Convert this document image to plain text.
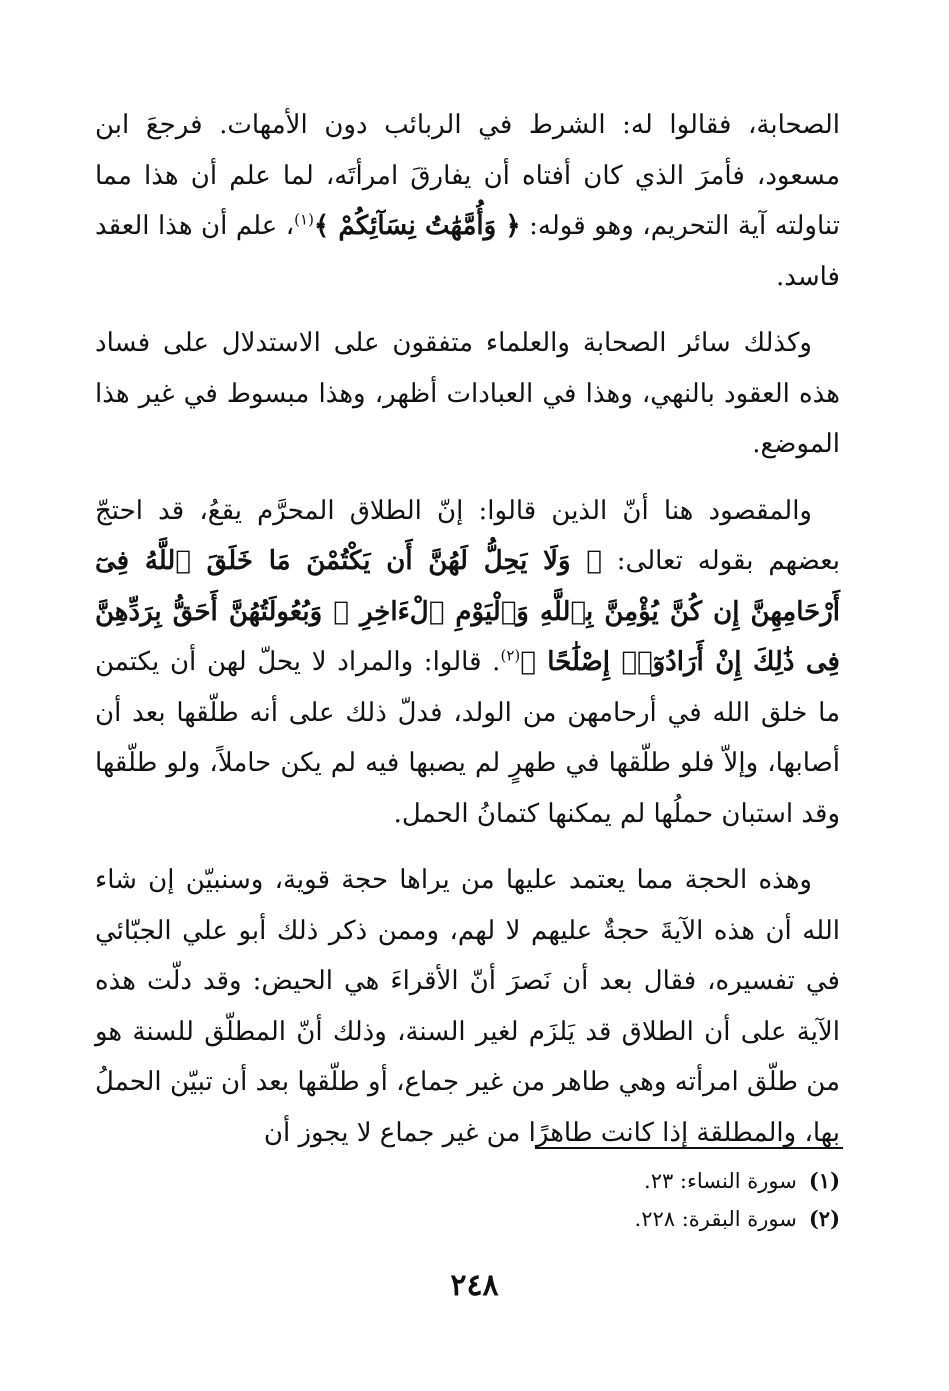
الصحابة، فقالوا له: الشرط في الربائب دون الأمهات. فرجعَ ابن مسعود، فأمرَ الذي كان أفتاه أن يفارقَ امرأتَه، لما علم أن هذا مما تناولته آية التحريم، وهو قوله: ﴿ وَأُمَّهَٰتُ نِسَآئِكُمْ ﴾$^{(١)}$، علم أن هذا العقد فاسد.
وكذلك سائر الصحابة والعلماء متفقون على الاستدلال على فساد هذه العقود بالنهي، وهذا في العبادات أظهر، وهذا مبسوط في غير هذا الموضع.
والمقصود هنا أنّ الذين قالوا: إنّ الطلاق المحرَّم يقعُ، قد احتجّ بعضهم بقوله تعالى: ﴿ وَلَا يَحِلُّ لَهُنَّ أَن يَكْتُمْنَ مَا خَلَقَ ٱللَّهُ فِىٓ أَرْحَامِهِنَّ إِن كُنَّ يُؤْمِنَّ بِٱللَّهِ وَٱلْيَوْمِ ٱلْءَاخِرِ ۚ وَبُعُولَتُهُنَّ أَحَقُّ بِرَدِّهِنَّ فِى ذَٰلِكَ إِنْ أَرَادُوٓا۟ إِصْلَٰحًا ﴾$^{(٢)}$. قالوا: والمراد لا يحلّ لهن أن يكتمن ما خلق الله في أرحامهن من الولد، فدلّ ذلك على أنه طلّقها بعد أن أصابها، وإلاّ فلو طلّقها في طهرٍ لم يصبها فيه لم يكن حاملاً، ولو طلّقها وقد استبان حملُها لم يمكنها كتمانُ الحمل.
وهذه الحجة مما يعتمد عليها من يراها حجة قوية، وسنبيّن إن شاء الله أن هذه الآيةَ حجةٌ عليهم لا لهم، وممن ذكر ذلك أبو علي الجبّائي في تفسيره، فقال بعد أن نَصرَ أنّ الأقراءَ هي الحيض: وقد دلّت هذه الآية على أن الطلاق قد يَلزَم لغير السنة، وذلك أنّ المطلّق للسنة هو من طلّق امرأته وهي طاهر من غير جماع، أو طلّقها بعد أن تبيّن الحملُ بها، والمطلقة إذا كانت طاهرًا من غير جماع لا يجوز أن
(١)
سورة النساء: ٢٣.
(٢)
سورة البقرة: ٢٢٨.
٢٤٨
